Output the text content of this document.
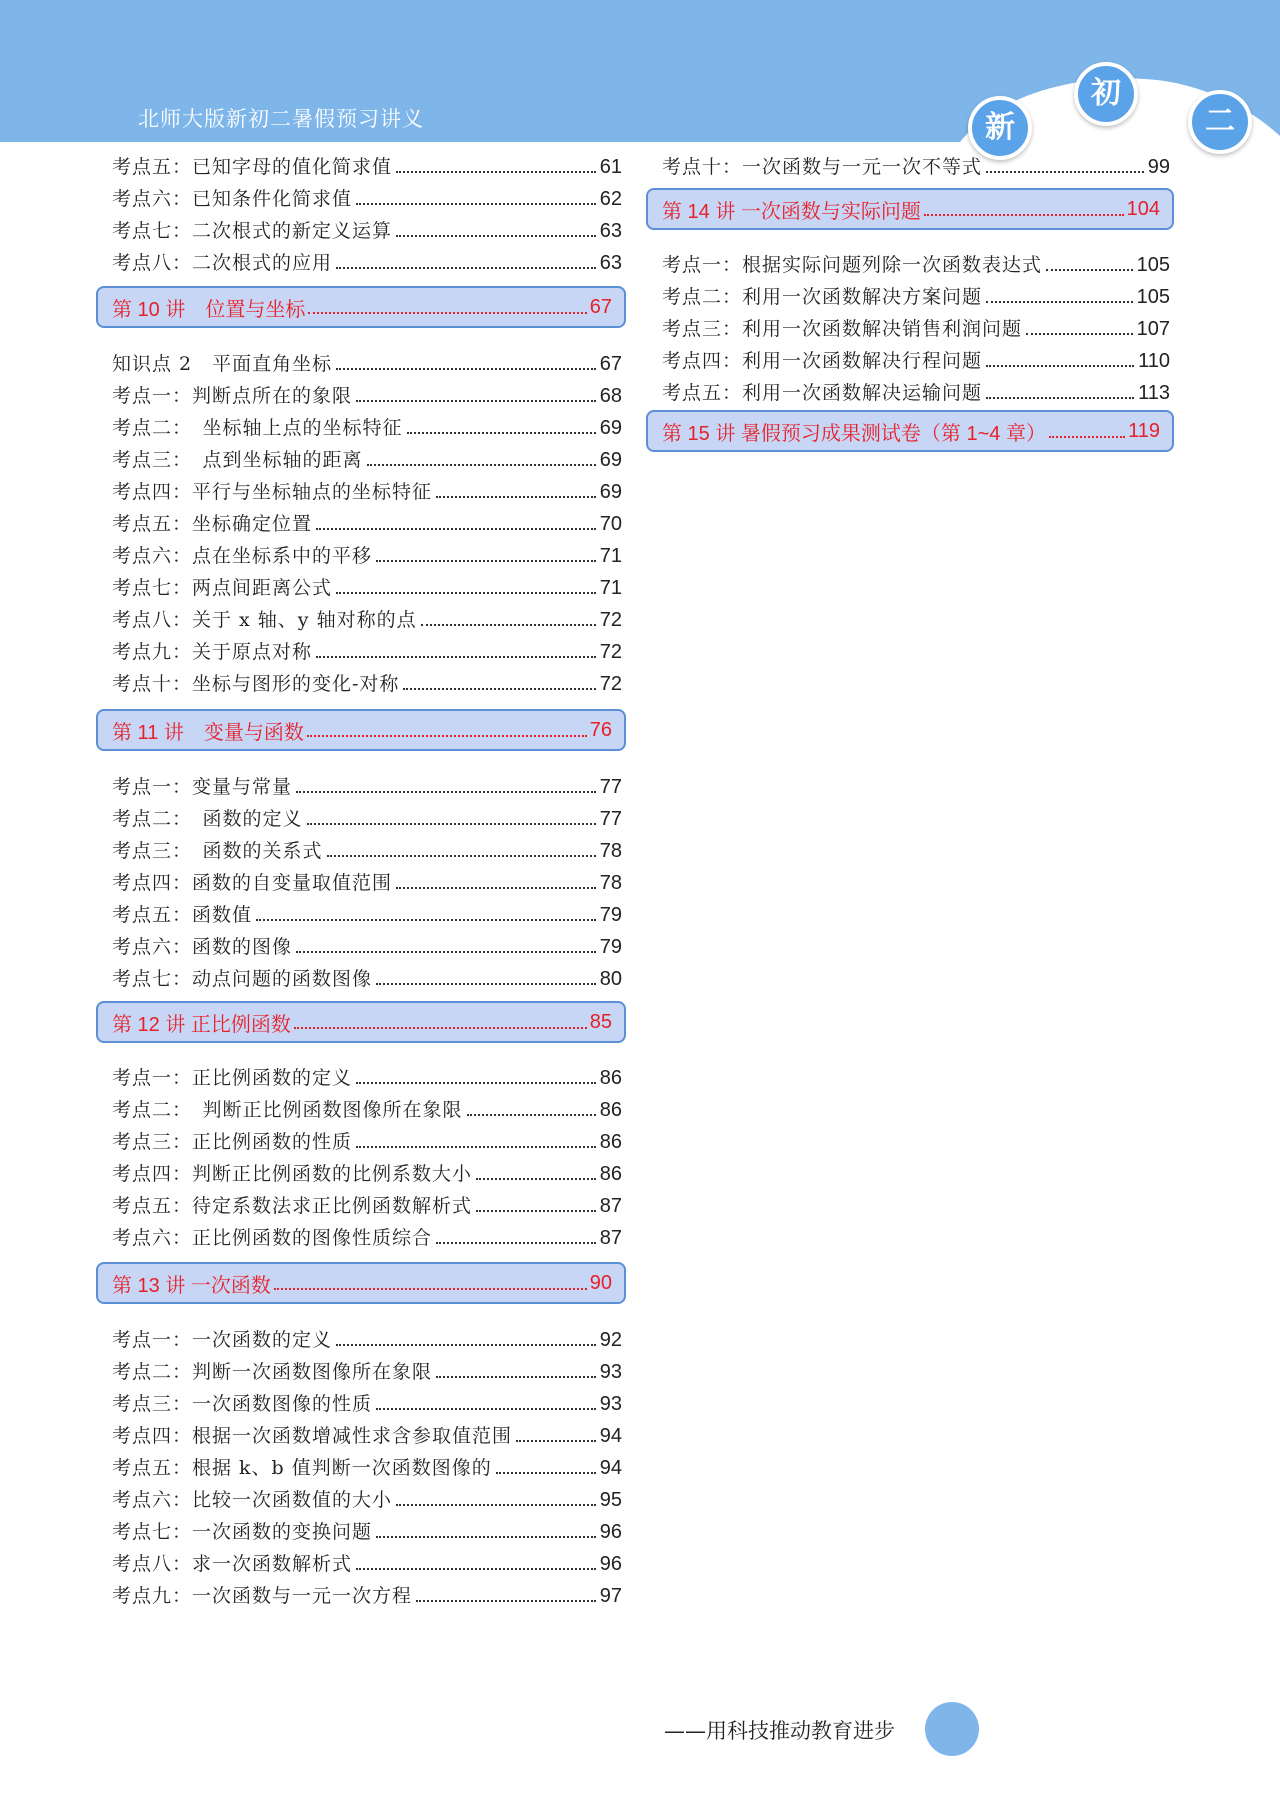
北师大版新初二暑假预习讲义	新
初
二
考点五：已知字母的值化简求值	61
考点六：已知条件化简求值	62
考点七：二次根式的新定义运算	63
考点八：二次根式的应用	63
第 10 讲　位置与坐标	67
知识点 2　平面直角坐标	67
考点一：判断点所在的象限	68
考点二：　坐标轴上点的坐标特征	69
考点三：　点到坐标轴的距离	69
考点四：平行与坐标轴点的坐标特征	69
考点五：坐标确定位置	70
考点六：点在坐标系中的平移	71
考点七：两点间距离公式	71
考点八：关于 x 轴、y 轴对称的点	72
考点九：关于原点对称	72
考点十：坐标与图形的变化-对称	72
第 11 讲　变量与函数	76
考点一：变量与常量	77
考点二：　函数的定义	77
考点三：　函数的关系式	78
考点四：函数的自变量取值范围	78
考点五：函数值	79
考点六：函数的图像	79
考点七：动点问题的函数图像	80
第 12 讲 正比例函数	85
考点一：正比例函数的定义	86
考点二：　判断正比例函数图像所在象限	86
考点三：正比例函数的性质	86
考点四：判断正比例函数的比例系数大小	86
考点五：待定系数法求正比例函数解析式	87
考点六：正比例函数的图像性质综合	87
第 13 讲 一次函数	90
考点一：一次函数的定义	92
考点二：判断一次函数图像所在象限	93
考点三：一次函数图像的性质	93
考点四：根据一次函数增减性求含参取值范围	94
考点五：根据 k、b 值判断一次函数图像的	94
考点六：比较一次函数值的大小	95
考点七：一次函数的变换问题	96
考点八：求一次函数解析式	96
考点九：一次函数与一元一次方程	97
考点十：一次函数与一元一次不等式	99
第 14 讲 一次函数与实际问题	104
考点一：根据实际问题列除一次函数表达式	105
考点二：利用一次函数解决方案问题	105
考点三：利用一次函数解决销售利润问题	107
考点四：利用一次函数解决行程问题	110
考点五：利用一次函数解决运输问题	113
第 15 讲 暑假预习成果测试卷（第 1~4 章）	119
——用科技推动教育进步
